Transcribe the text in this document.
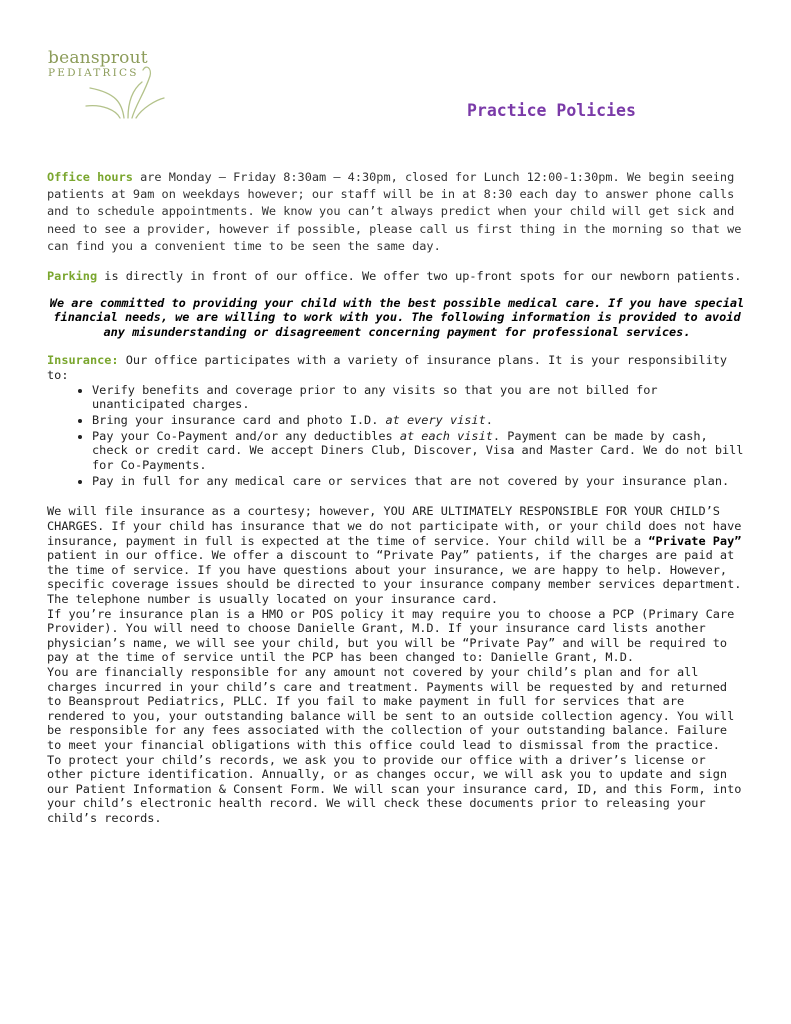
beansprout
PEDIATRICS
Practice Policies

Office hours are Monday – Friday 8:30am – 4:30pm, closed for Lunch 12:00-1:30pm. We begin seeing patients at 9am on weekdays however; our staff will be in at 8:30 each day to answer phone calls and to schedule appointments. We know you can’t always predict when your child will get sick and need to see a provider, however if possible, please call us first thing in the morning so that we can find you a convenient time to be seen the same day.

Parking is directly in front of our office. We offer two up-front spots for our newborn patients.

We are committed to providing your child with the best possible medical care. If you have special financial needs, we are willing to work with you. The following information is provided to avoid any misunderstanding or disagreement concerning payment for professional services.

Insurance: Our office participates with a variety of insurance plans. It is your responsibility to:

• Verify benefits and coverage prior to any visits so that you are not billed for unanticipated charges.
• Bring your insurance card and photo I.D. at every visit.
• Pay your Co-Payment and/or any deductibles at each visit. Payment can be made by cash, check or credit card. We accept Diners Club, Discover, Visa and Master Card. We do not bill for Co-Payments.
• Pay in full for any medical care or services that are not covered by your insurance plan.

We will file insurance as a courtesy; however, YOU ARE ULTIMATELY RESPONSIBLE FOR YOUR CHILD’S CHARGES. If your child has insurance that we do not participate with, or your child does not have insurance, payment in full is expected at the time of service. Your child will be a “Private Pay” patient in our office. We offer a discount to “Private Pay” patients, if the charges are paid at the time of service. If you have questions about your insurance, we are happy to help. However, specific coverage issues should be directed to your insurance company member services department. The telephone number is usually located on your insurance card.

If you’re insurance plan is a HMO or POS policy it may require you to choose a PCP (Primary Care Provider). You will need to choose Danielle Grant, M.D. If your insurance card lists another physician’s name, we will see your child, but you will be “Private Pay” and will be required to pay at the time of service until the PCP has been changed to: Danielle Grant, M.D.

You are financially responsible for any amount not covered by your child’s plan and for all charges incurred in your child’s care and treatment. Payments will be requested by and returned to Beansprout Pediatrics, PLLC. If you fail to make payment in full for services that are rendered to you, your outstanding balance will be sent to an outside collection agency. You will be responsible for any fees associated with the collection of your outstanding balance. Failure to meet your financial obligations with this office could lead to dismissal from the practice.

To protect your child’s records, we ask you to provide our office with a driver’s license or other picture identification. Annually, or as changes occur, we will ask you to update and sign our Patient Information & Consent Form. We will scan your insurance card, ID, and this Form, into your child’s electronic health record. We will check these documents prior to releasing your child’s records.
